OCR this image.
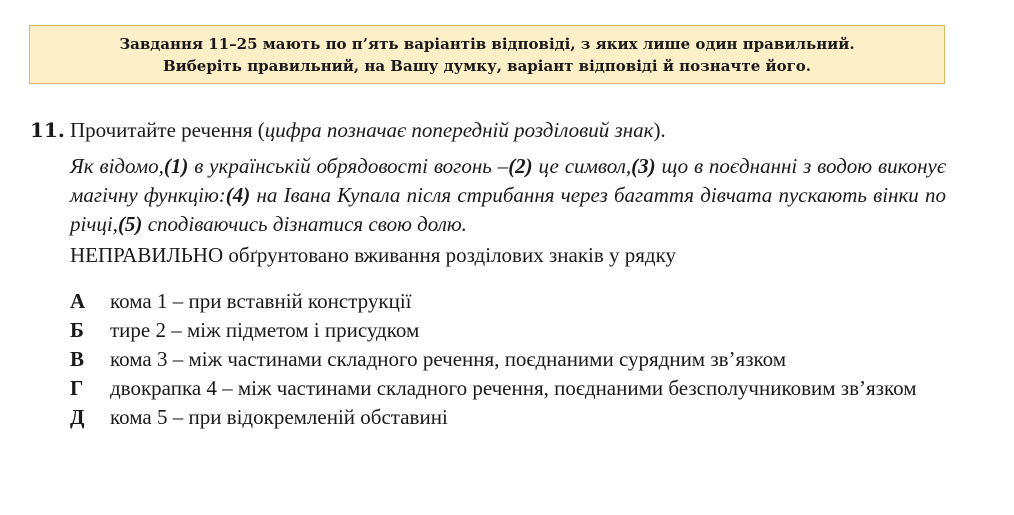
Завдання 11–25 мають по п’ять варіантів відповіді, з яких лише один правильний.
Виберіть правильний, на Вашу думку, варіант відповіді й позначте його.
11. Прочитайте речення (цифра позначає попередній розділовий знак).

Як відомо,(1) в українській обрядовості вогонь –(2) це символ,(3) що в поєднанні з водою виконує магічну функцію:(4) на Івана Купала після стрибання через багаття дівчата пускають вінки по річці,(5) сподіваючись дізнатися свою долю.

НЕПРАВИЛЬНО обґрунтовано вживання розділових знаків у рядку

А	кома 1 – при вставній конструкції
Б	тире 2 – між підметом і присудком
В	кома 3 – між частинами складного речення, поєднаними сурядним зв’язком
Г	двокрапка 4 – між частинами складного речення, поєднаними безсполучниковим зв’язком
Д	кома 5 – при відокремленій обставині
